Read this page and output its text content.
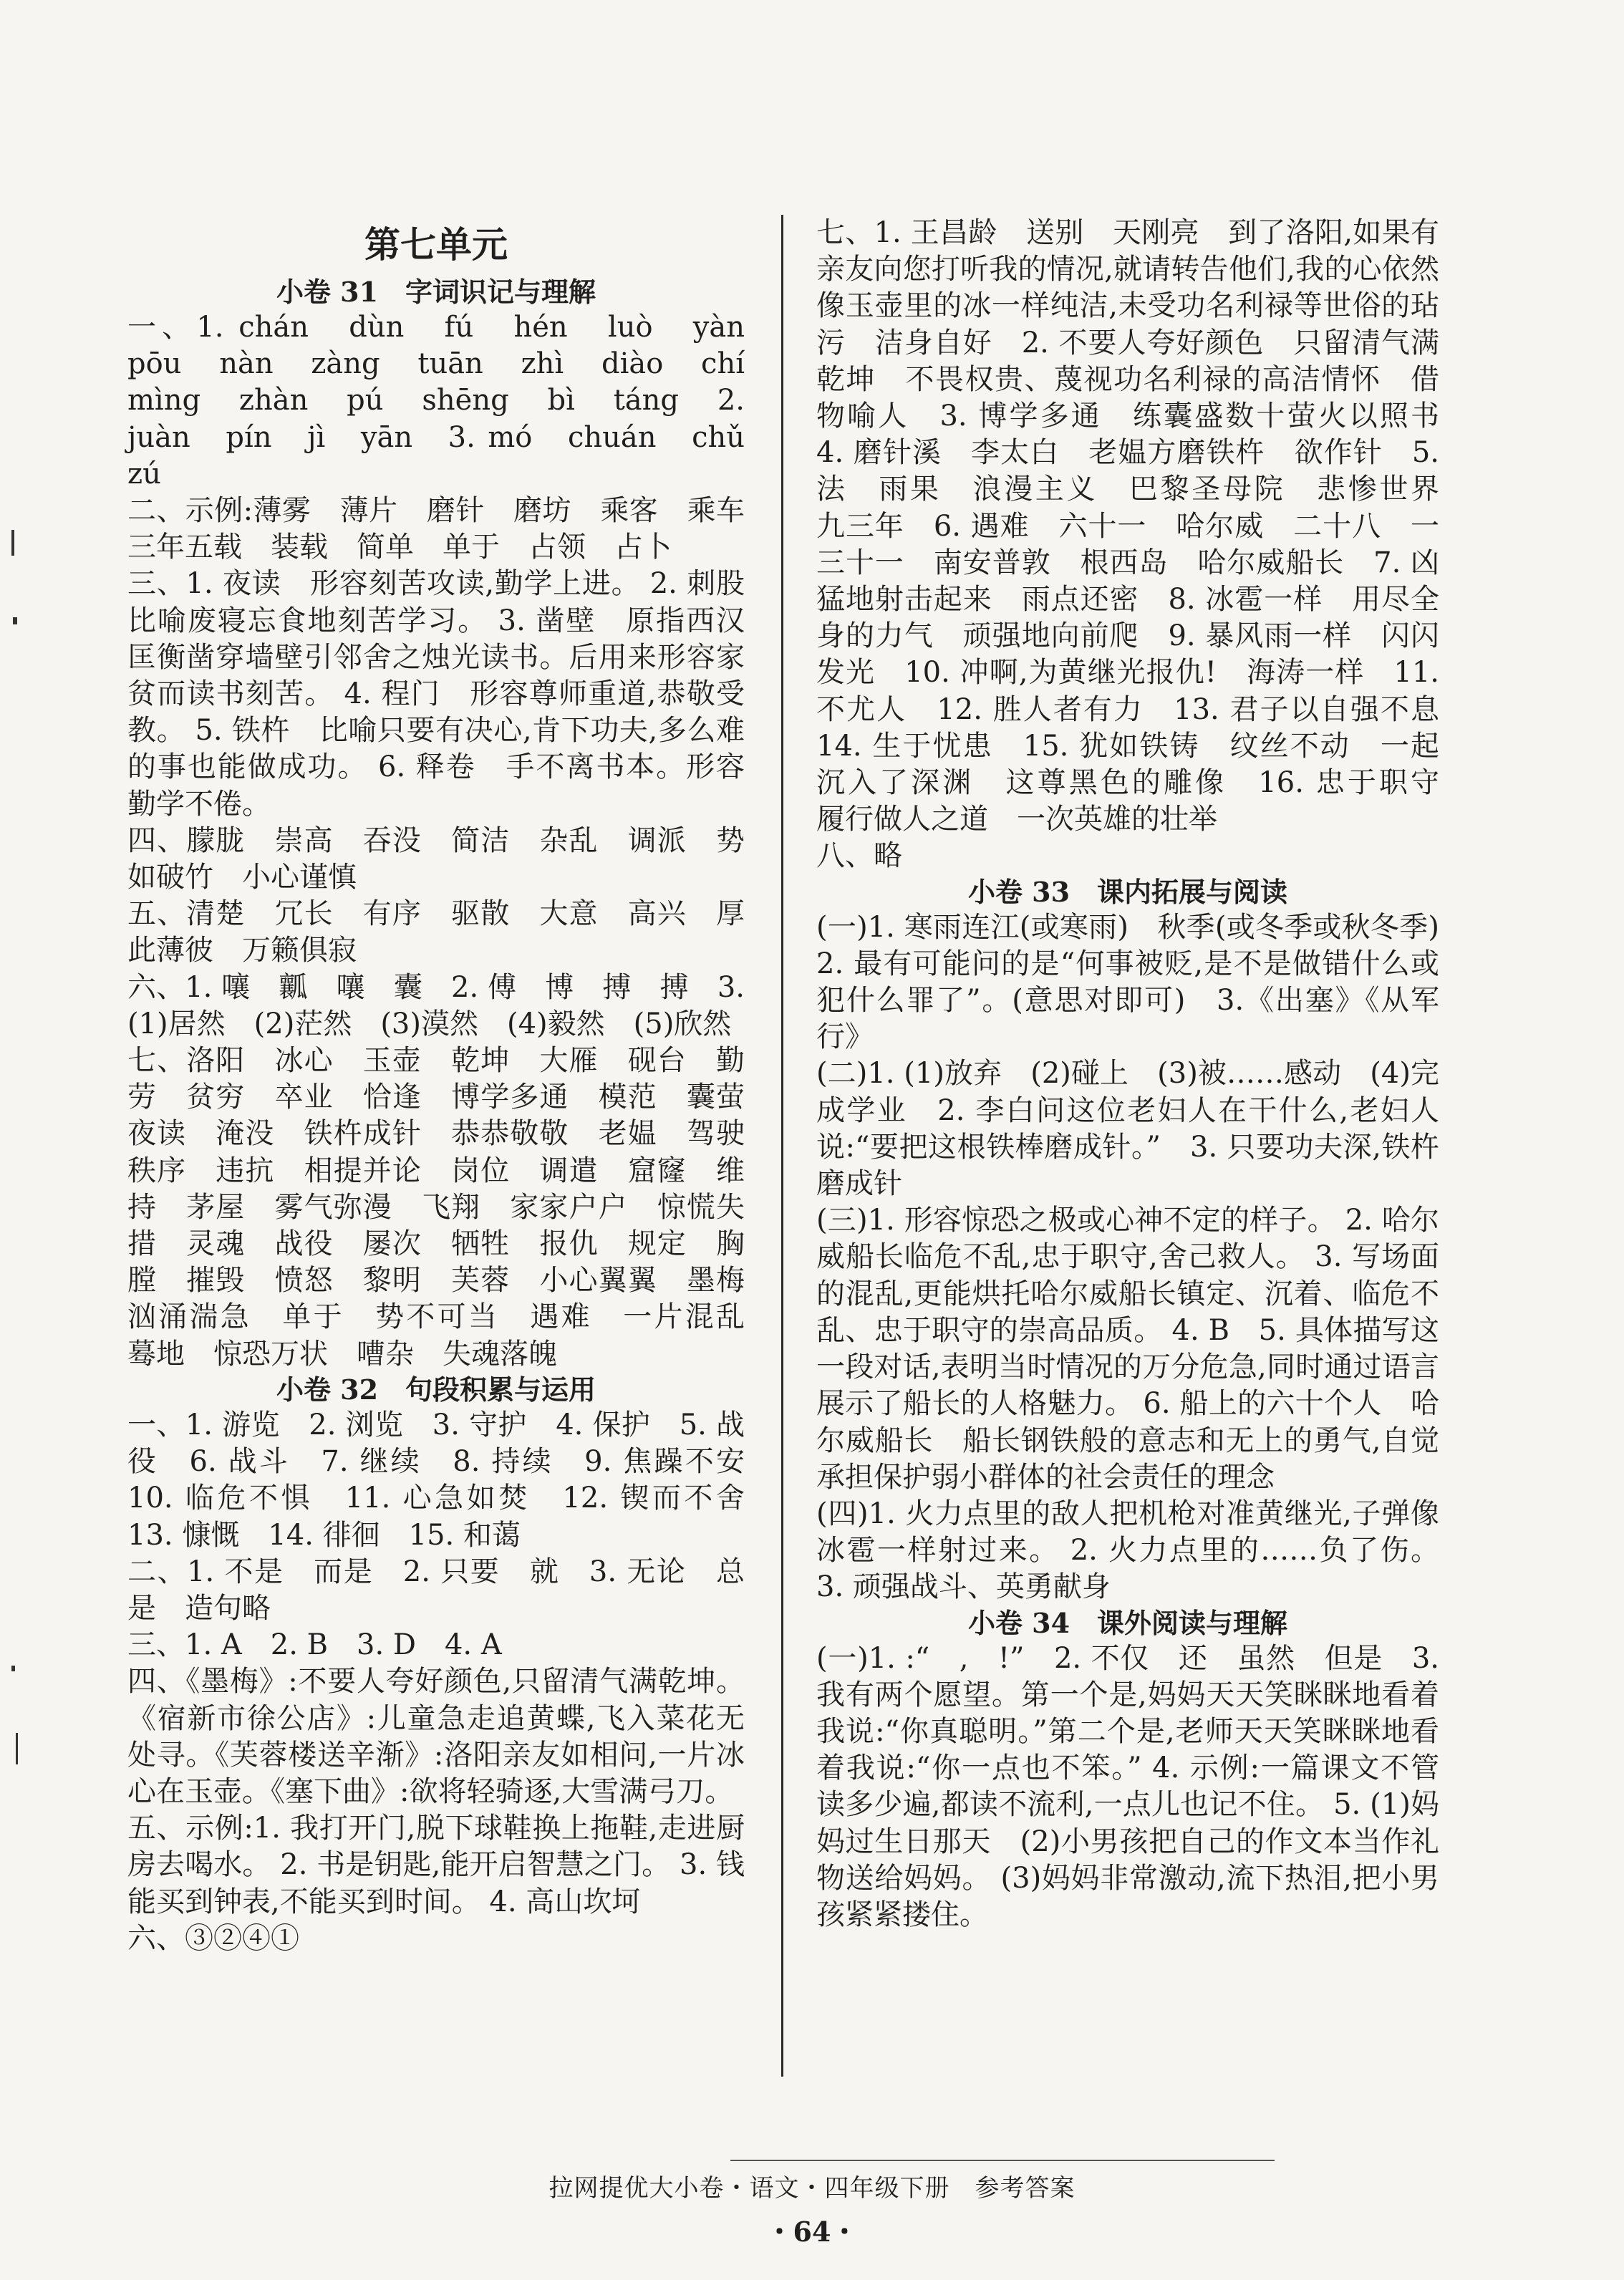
第七单元
小卷 31　字词识记与理解
一、1. chán　dùn　fú　hén　luò　yàn　pōu　nàn　zàng　tuān　zhì　diào　chí　mìng　zhàn　pú　shēng　bì　táng　2. juàn　pín　jì　yān　3. mó　chuán　chǔ　zú
二、示例:薄雾　薄片　磨针　磨坊　乘客　乘车　三年五载　装载　简单　单于　占领　占卜
三、1. 夜读　形容刻苦攻读,勤学上进。 2. 刺股　比喻废寝忘食地刻苦学习。 3. 凿壁　原指西汉匡衡凿穿墙壁引邻舍之烛光读书。后用来形容家贫而读书刻苦。 4. 程门　形容尊师重道,恭敬受教。 5. 铁杵　比喻只要有决心,肯下功夫,多么难的事也能做成功。 6. 释卷　手不离书本。形容勤学不倦。
四、朦胧　崇高　吞没　简洁　杂乱　调派　势如破竹　小心谨慎
五、清楚　冗长　有序　驱散　大意　高兴　厚此薄彼　万籁俱寂
六、1. 嚷　瓤　嚷　囊　2. 傅　博　搏　搏　3. (1)居然　(2)茫然　(3)漠然　(4)毅然　(5)欣然
七、洛阳　冰心　玉壶　乾坤　大雁　砚台　勤劳　贫穷　卒业　恰逢　博学多通　模范　囊萤　夜读　淹没　铁杵成针　恭恭敬敬　老媪　驾驶　秩序　违抗　相提并论　岗位　调遣　窟窿　维持　茅屋　雾气弥漫　飞翔　家家户户　惊慌失措　灵魂　战役　屡次　牺牲　报仇　规定　胸膛　摧毁　愤怒　黎明　芙蓉　小心翼翼　墨梅　汹涌湍急　单于　势不可当　遇难　一片混乱　蓦地　惊恐万状　嘈杂　失魂落魄
小卷 32　句段积累与运用
一、1. 游览　2. 浏览　3. 守护　4. 保护　5. 战役　6. 战斗　7. 继续　8. 持续　9. 焦躁不安　10. 临危不惧　11. 心急如焚　12. 锲而不舍　13. 慷慨　14. 徘徊　15. 和蔼
二、1. 不是　而是　2. 只要　就　3. 无论　总是　造句略
三、1. A　2. B　3. D　4. A
四、《墨梅》:不要人夸好颜色,只留清气满乾坤。《宿新市徐公店》:儿童急走追黄蝶,飞入菜花无处寻。《芙蓉楼送辛渐》:洛阳亲友如相问,一片冰心在玉壶。《塞下曲》:欲将轻骑逐,大雪满弓刀。
五、示例:1. 我打开门,脱下球鞋换上拖鞋,走进厨房去喝水。 2. 书是钥匙,能开启智慧之门。 3. 钱能买到钟表,不能买到时间。 4. 高山坎坷
六、③②④①
七、1. 王昌龄　送别　天刚亮　到了洛阳,如果有亲友向您打听我的情况,就请转告他们,我的心依然像玉壶里的冰一样纯洁,未受功名利禄等世俗的玷污　洁身自好　2. 不要人夸好颜色　只留清气满乾坤　不畏权贵、蔑视功名利禄的高洁情怀　借物喻人　3. 博学多通　练囊盛数十萤火以照书　4. 磨针溪　李太白　老媪方磨铁杵　欲作针　5. 法　雨果　浪漫主义　巴黎圣母院　悲惨世界　九三年　6. 遇难　六十一　哈尔威　二十八　一　三十一　南安普敦　根西岛　哈尔威船长　7. 凶猛地射击起来　雨点还密　8. 冰雹一样　用尽全身的力气　顽强地向前爬　9. 暴风雨一样　闪闪发光　10. 冲啊,为黄继光报仇!　海涛一样　11. 不尤人　12. 胜人者有力　13. 君子以自强不息　14. 生于忧患　15. 犹如铁铸　纹丝不动　一起沉入了深渊　这尊黑色的雕像　16. 忠于职守　履行做人之道　一次英雄的壮举
八、略
小卷 33　课内拓展与阅读
(一)1. 寒雨连江(或寒雨)　秋季(或冬季或秋冬季)　2. 最有可能问的是“何事被贬,是不是做错什么或犯什么罪了”。(意思对即可)　3.《出塞》《从军行》
(二)1. (1)放弃　(2)碰上　(3)被……感动　(4)完成学业　2. 李白问这位老妇人在干什么,老妇人说:“要把这根铁棒磨成针。”　3. 只要功夫深,铁杵磨成针
(三)1. 形容惊恐之极或心神不定的样子。 2. 哈尔威船长临危不乱,忠于职守,舍己救人。 3. 写场面的混乱,更能烘托哈尔威船长镇定、沉着、临危不乱、忠于职守的崇高品质。 4. B　5. 具体描写这一段对话,表明当时情况的万分危急,同时通过语言展示了船长的人格魅力。 6. 船上的六十个人　哈尔威船长　船长钢铁般的意志和无上的勇气,自觉承担保护弱小群体的社会责任的理念
(四)1. 火力点里的敌人把机枪对准黄继光,子弹像冰雹一样射过来。 2. 火力点里的……负了伤。 3. 顽强战斗、英勇献身
小卷 34　课外阅读与理解
(一)1. :“　,　!”　2. 不仅　还　虽然　但是　3. 我有两个愿望。第一个是,妈妈天天笑眯眯地看着我说:“你真聪明。”第二个是,老师天天笑眯眯地看着我说:“你一点也不笨。” 4. 示例:一篇课文不管读多少遍,都读不流利,一点儿也记不住。 5. (1)妈妈过生日那天　(2)小男孩把自己的作文本当作礼物送给妈妈。 (3)妈妈非常激动,流下热泪,把小男孩紧紧搂住。
拉网提优大小卷・语文・四年级下册　参考答案
・64・
